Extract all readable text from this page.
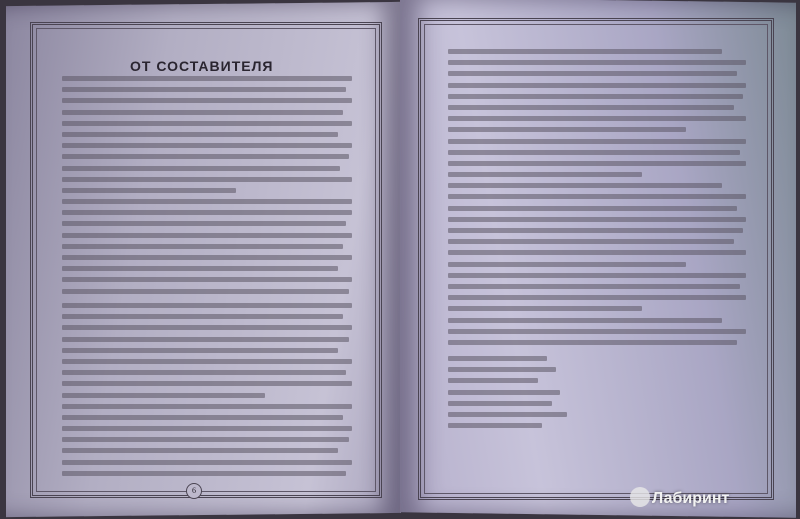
ОТ СОСТАВИТЕЛЯ
6	Лабиринт
